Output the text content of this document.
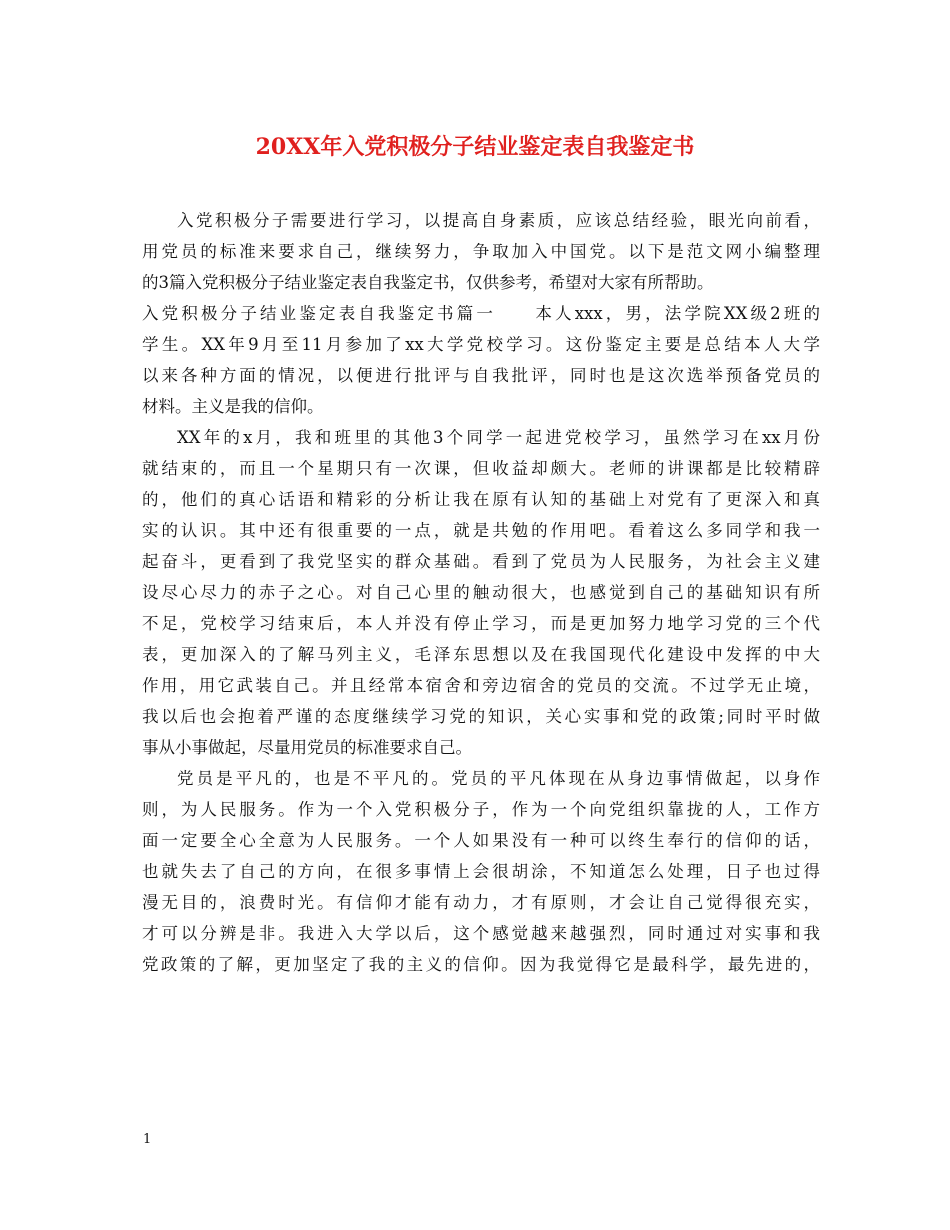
20XX年入党积极分子结业鉴定表自我鉴定书
入党积极分子需要进行学习，以提高自身素质，应该总结经验，眼光向前看，
用党员的标准来要求自己，继续努力，争取加入中国党。以下是范文网小编整理
的3篇入党积极分子结业鉴定表自我鉴定书，仅供参考，希望对大家有所帮助。
入党积极分子结业鉴定表自我鉴定书篇一　　本人xxx，男，法学院XX级2班的
学生。XX年9月至11月参加了xx大学党校学习。这份鉴定主要是总结本人大学
以来各种方面的情况，以便进行批评与自我批评，同时也是这次选举预备党员的
材料。主义是我的信仰。
XX年的x月，我和班里的其他3个同学一起进党校学习，虽然学习在xx月份
就结束的，而且一个星期只有一次课，但收益却颇大。老师的讲课都是比较精辟
的，他们的真心话语和精彩的分析让我在原有认知的基础上对党有了更深入和真
实的认识。其中还有很重要的一点，就是共勉的作用吧。看着这么多同学和我一
起奋斗，更看到了我党坚实的群众基础。看到了党员为人民服务，为社会主义建
设尽心尽力的赤子之心。对自己心里的触动很大，也感觉到自己的基础知识有所
不足，党校学习结束后，本人并没有停止学习，而是更加努力地学习党的三个代
表，更加深入的了解马列主义，毛泽东思想以及在我国现代化建设中发挥的中大
作用，用它武装自己。并且经常本宿舍和旁边宿舍的党员的交流。不过学无止境，
我以后也会抱着严谨的态度继续学习党的知识，关心实事和党的政策;同时平时做
事从小事做起，尽量用党员的标准要求自己。
党员是平凡的，也是不平凡的。党员的平凡体现在从身边事情做起，以身作
则，为人民服务。作为一个入党积极分子，作为一个向党组织靠拢的人，工作方
面一定要全心全意为人民服务。一个人如果没有一种可以终生奉行的信仰的话，
也就失去了自己的方向，在很多事情上会很胡涂，不知道怎么处理，日子也过得
漫无目的，浪费时光。有信仰才能有动力，才有原则，才会让自己觉得很充实，
才可以分辨是非。我进入大学以后，这个感觉越来越强烈，同时通过对实事和我
党政策的了解，更加坚定了我的主义的信仰。因为我觉得它是最科学，最先进的，
1
